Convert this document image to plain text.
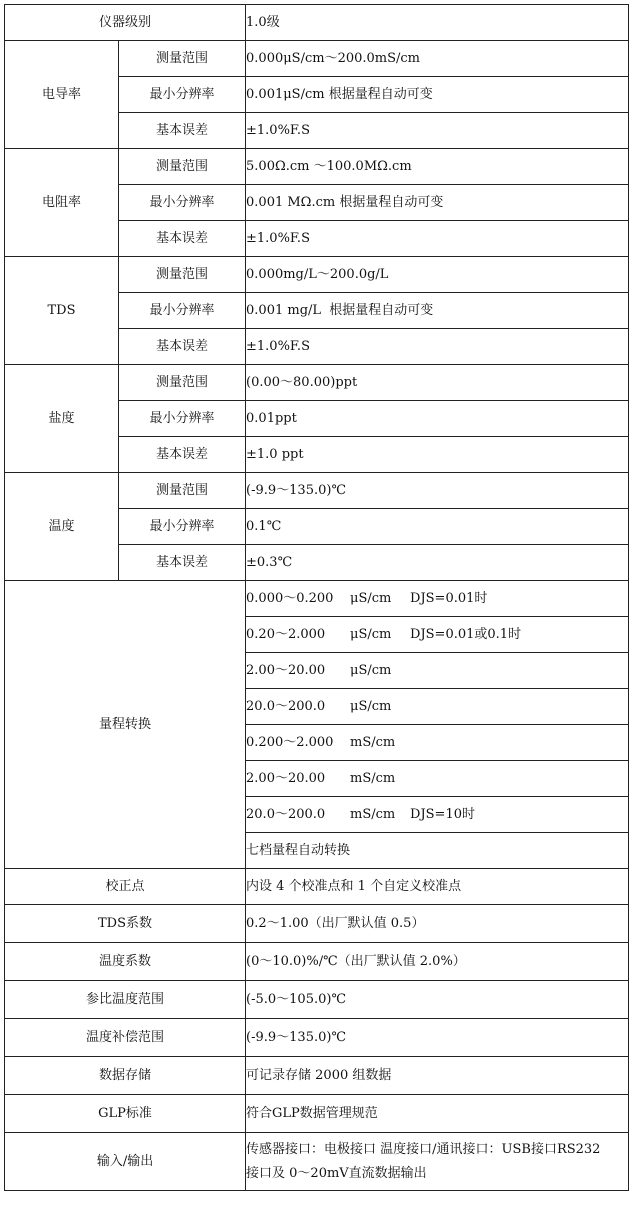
仪器级别		1.0级
电导率	测量范围	0.000μS/cm～200.0mS/cm
	最小分辨率	0.001μS/cm 根据量程自动可变
	基本误差	±1.0%F.S
电阻率	测量范围	5.00Ω.cm ～100.0MΩ.cm
	最小分辨率	0.001 MΩ.cm 根据量程自动可变
	基本误差	±1.0%F.S
TDS	测量范围	0.000mg/L～200.0g/L
	最小分辨率	0.001 mg/L  根据量程自动可变
	基本误差	±1.0%F.S
盐度	测量范围	(0.00～80.00)ppt
	最小分辨率	0.01ppt
	基本误差	±1.0 ppt
温度	测量范围	(-9.9～135.0)℃
	最小分辨率	0.1℃
	基本误差	±0.3℃
量程转换		0.000～0.200 μS/cm DJS=0.01时
		0.20～2.000 μS/cm DJS=0.01或0.1时
		2.00～20.00 μS/cm
		20.0～200.0 μS/cm
		0.200～2.000 mS/cm
		2.00～20.00 mS/cm
		20.0～200.0 mS/cm DJS=10时
		七档量程自动转换
校正点		内设 4 个校准点和 1 个自定义校准点
TDS系数		0.2～1.00（出厂默认值 0.5）
温度系数		(0～10.0)%/℃（出厂默认值 2.0%）
参比温度范围		(-5.0～105.0)℃
温度补偿范围		(-9.9～135.0)℃
数据存储		可记录存储 2000 组数据
GLP标准		符合GLP数据管理规范
输入/输出		传感器接口：电极接口 温度接口/通讯接口：USB接口RS232
接口及 0～20mV直流数据输出
